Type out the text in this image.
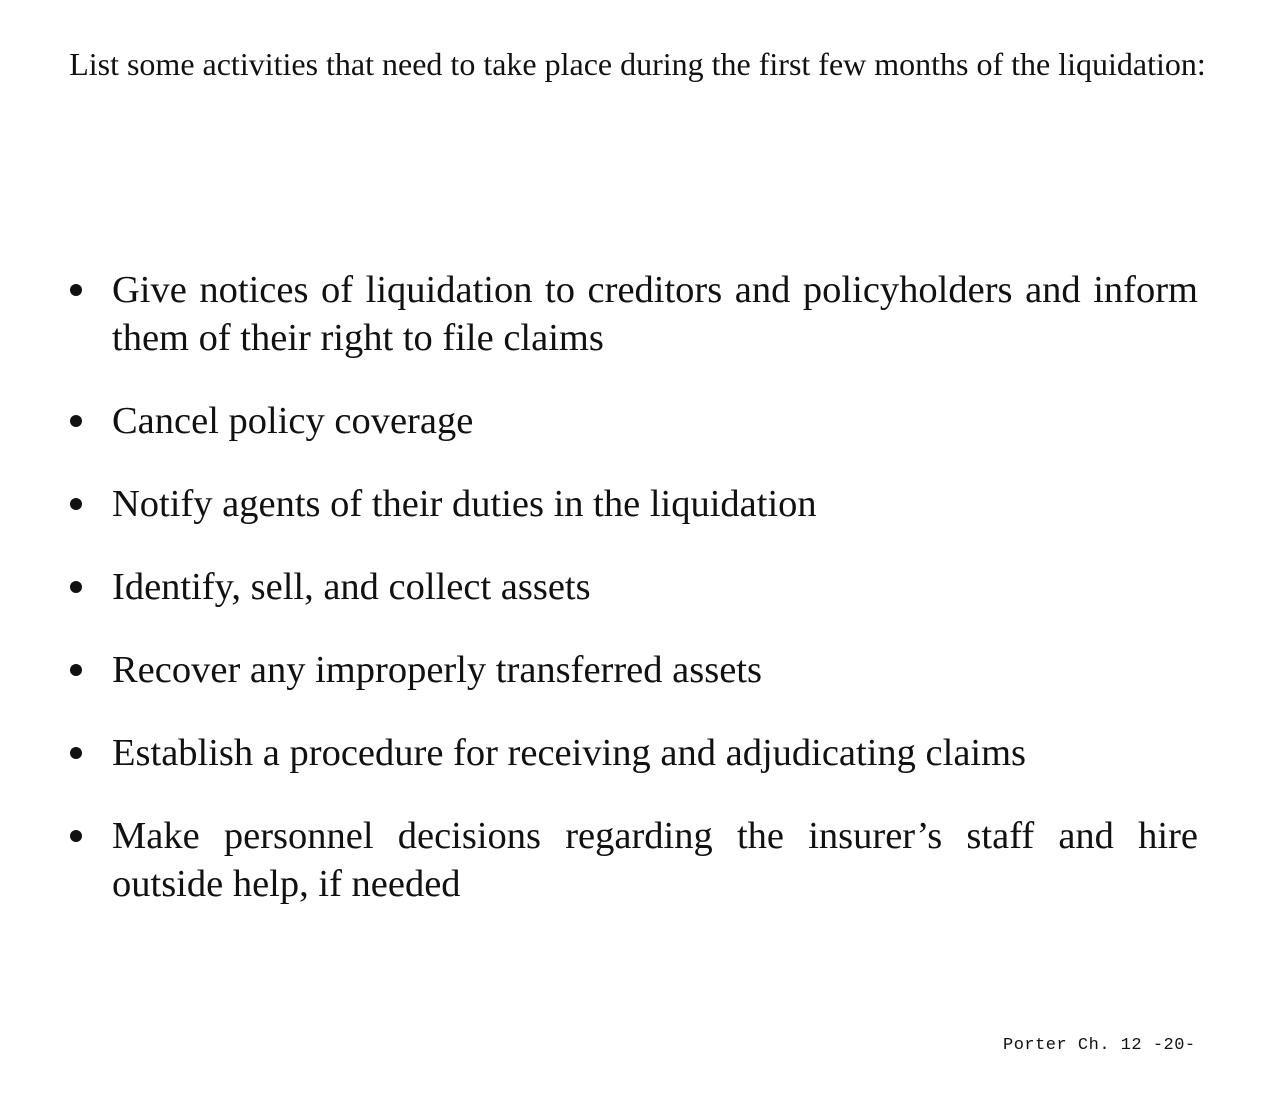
List some activities that need to take place during the first few months of the liquidation:
Give notices of liquidation to creditors and policyholders and inform them of their right to file claims
Cancel policy coverage
Notify agents of their duties in the liquidation
Identify, sell, and collect assets
Recover any improperly transferred assets
Establish a procedure for receiving and adjudicating claims
Make personnel decisions regarding the insurer’s staff and hire outside help, if needed
Porter Ch. 12 -20-
